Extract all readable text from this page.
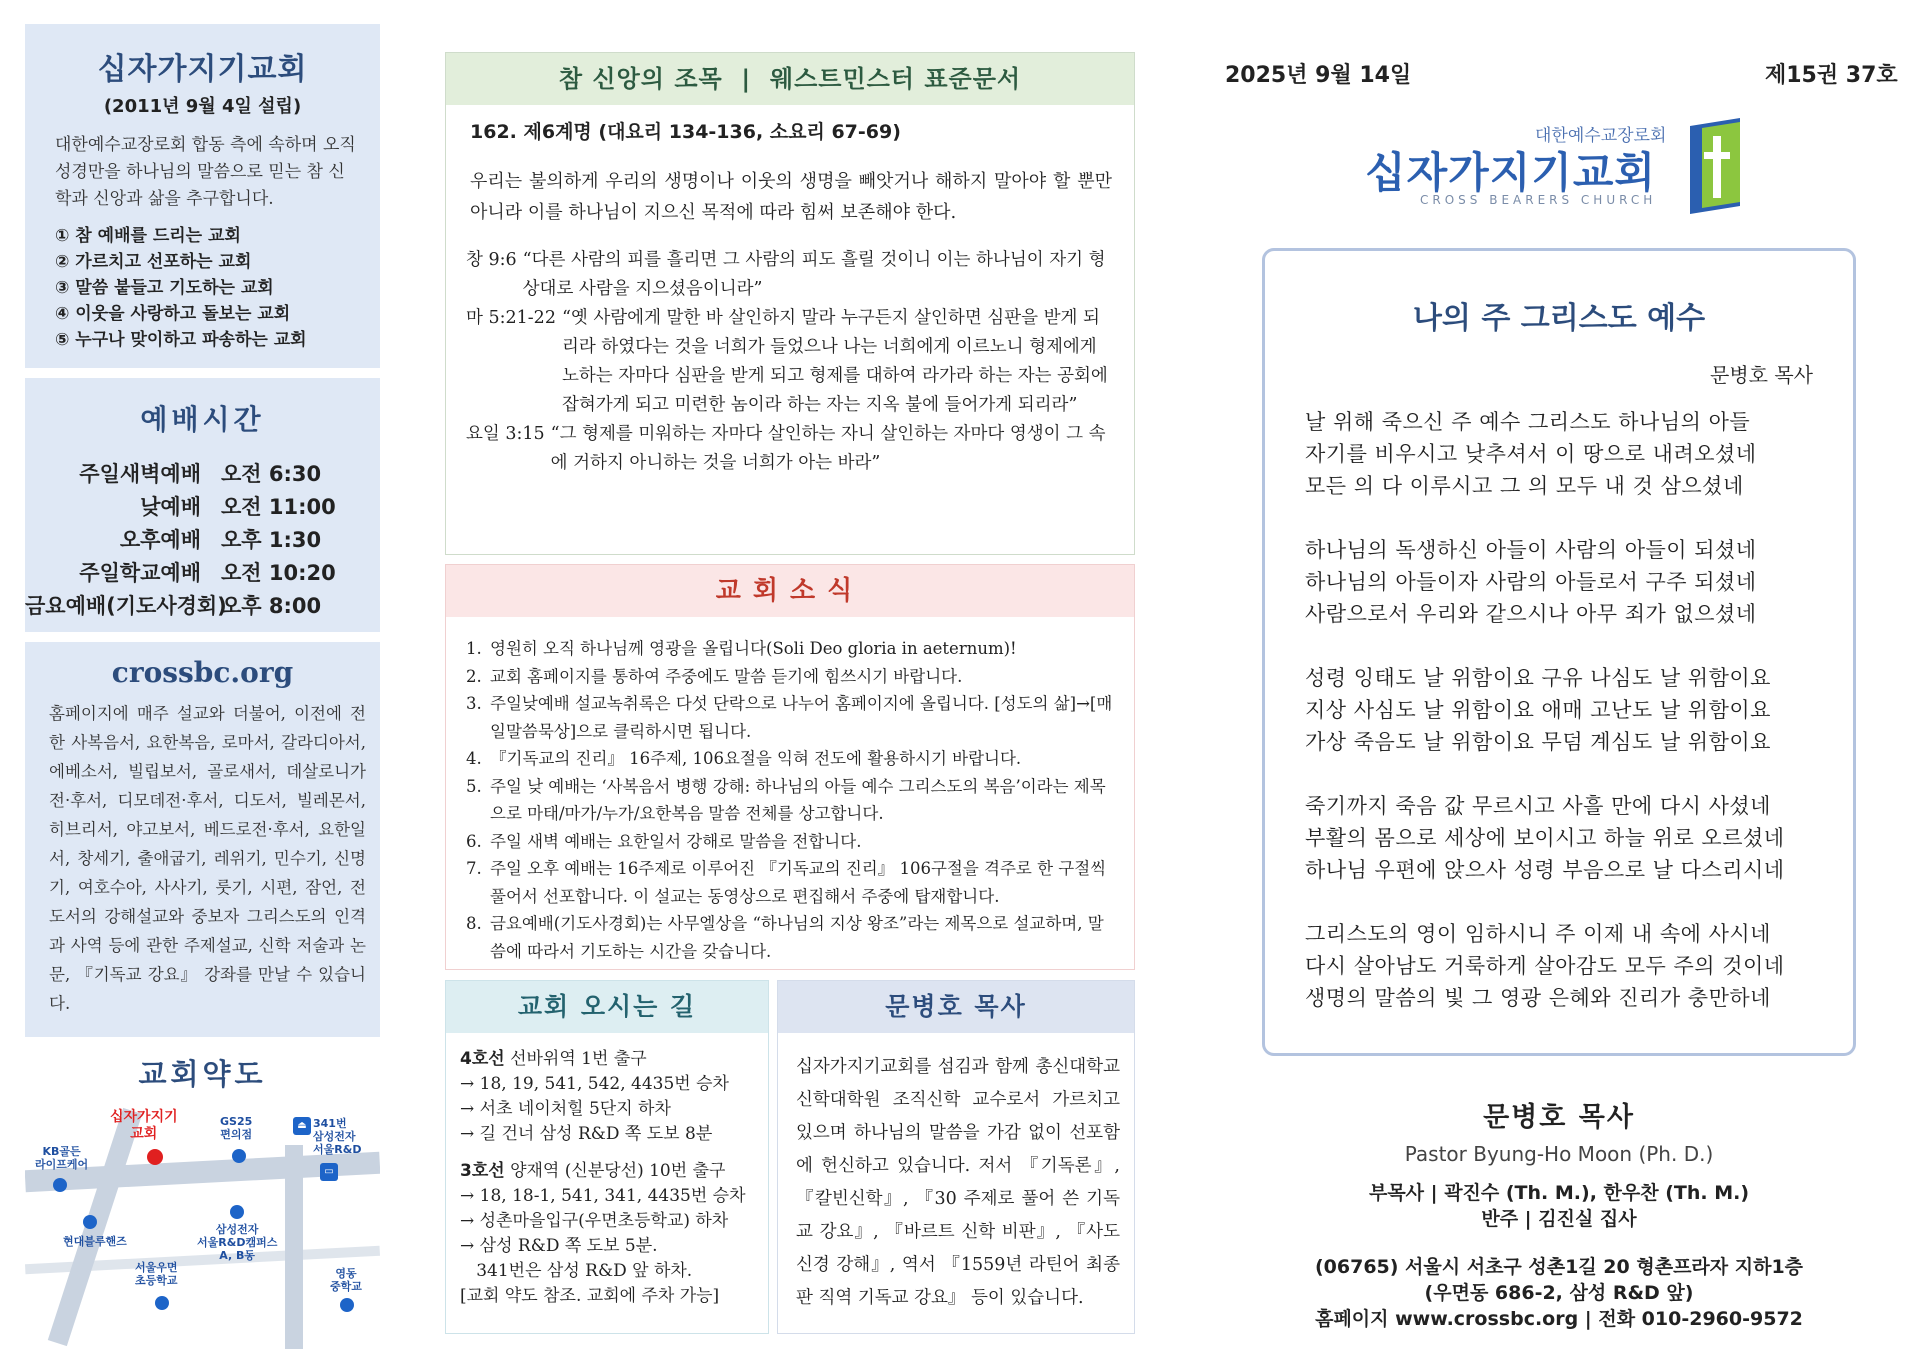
십자가지기교회
(2011년 9월 4일 설립)
대한예수교장로회 합동 측에 속하며 오직 성경만을 하나님의 말씀으로 믿는 참 신학과 신앙과 삶을 추구합니다.
① 참 예배를 드리는 교회
② 가르치고 선포하는 교회
③ 말씀 붙들고 기도하는 교회
④ 이웃을 사랑하고 돌보는 교회
⑤ 누구나 맞이하고 파송하는 교회
예배시간
주일새벽예배 오전 6:30
낮예배 오전 11:00
오후예배 오후 1:30
주일학교예배 오전 10:20
금요예배(기도사경회)
오후 8:00
crossbc.org
홈페이지에 매주 설교와 더불어, 이전에 전한 사복음서, 요한복음, 로마서, 갈라디아서, 에베소서, 빌립보서, 골로새서, 데살로니가전·후서, 디모데전·후서, 디도서, 빌레몬서, 히브리서, 야고보서, 베드로전·후서, 요한일서, 창세기, 출애굽기, 레위기, 민수기, 신명기, 여호수아, 사사기, 룻기, 시편, 잠언, 전도서의 강해설교와 중보자 그리스도의 인격과 사역 등에 관한 주제설교, 신학 저술과 논문, 『기독교 강요』 강좌를 만날 수 있습니다.
교회약도
십자가지기
교회
GS25
편의점
⏏ 341번
삼성전자
서울R&D
▭
KB골든
라이프케어
현대블루핸즈
삼성전자
서울R&D캠퍼스
A, B동
서울우면
초등학교
영동
중학교
참 신앙의 조목  |  웨스트민스터 표준문서
162. 제6계명 (대요리 134-136, 소요리 67-69)
우리는 불의하게 우리의 생명이나 이웃의 생명을 빼앗거나 해하지 말아야 할 뿐만 아니라 이를 하나님이 지으신 목적에 따라 힘써 보존해야 한다.
창 9:6 “다른 사람의 피를 흘리면 그 사람의 피도 흘릴 것이니 이는 하나님이 자기 형상대로 사람을 지으셨음이니라”
마 5:21-22 “옛 사람에게 말한 바 살인하지 말라 누구든지 살인하면 심판을 받게 되리라 하였다는 것을 너희가 들었으나 나는 너희에게 이르노니 형제에게 노하는 자마다 심판을 받게 되고 형제를 대하여 라가라 하는 자는 공회에 잡혀가게 되고 미련한 놈이라 하는 자는 지옥 불에 들어가게 되리라”
요일 3:15 “그 형제를 미워하는 자마다 살인하는 자니 살인하는 자마다 영생이 그 속에 거하지 아니하는 것을 너희가 아는 바라”
교회소식
1. 영원히 오직 하나님께 영광을 올립니다(Soli Deo gloria in aeternum)!
2. 교회 홈페이지를 통하여 주중에도 말씀 듣기에 힘쓰시기 바랍니다.
3. 주일낮예배 설교녹취록은 다섯 단락으로 나누어 홈페이지에 올립니다. [성도의 삶]→[매일말씀묵상]으로 클릭하시면 됩니다.
4. 『기독교의 진리』 16주제, 106요절을 익혀 전도에 활용하시기 바랍니다.
5. 주일 낮 예배는 ‘사복음서 병행 강해: 하나님의 아들 예수 그리스도의 복음’이라는 제목으로 마태/마가/누가/요한복음 말씀 전체를 상고합니다.
6. 주일 새벽 예배는 요한일서 강해로 말씀을 전합니다.
7. 주일 오후 예배는 16주제로 이루어진 『기독교의 진리』 106구절을 격주로 한 구절씩 풀어서 선포합니다. 이 설교는 동영상으로 편집해서 주중에 탑재합니다.
8. 금요예배(기도사경회)는 사무엘상을 “하나님의 지상 왕조”라는 제목으로 설교하며, 말씀에 따라서 기도하는 시간을 갖습니다.
교회 오시는 길
4호선 선바위역 1번 출구
→ 18, 19, 541, 542, 4435번 승차
→ 서초 네이처힐 5단지 하차
→ 길 건너 삼성 R&D 쪽 도보 8분
3호선 양재역 (신분당선) 10번 출구
→ 18, 18-1, 541, 341, 4435번 승차
→ 성촌마을입구(우면초등학교) 하차
→ 삼성 R&D 쪽 도보 5분.
341번은 삼성 R&D 앞 하차.
[교회 약도 참조. 교회에 주차 가능]
문병호 목사
십자가지기교회를 섬김과 함께 총신대학교 신학대학원 조직신학 교수로서 가르치고 있으며 하나님의 말씀을 가감 없이 선포함에 헌신하고 있습니다. 저서 『기독론』, 『칼빈신학』, 『30 주제로 풀어 쓴 기독교 강요』, 『바르트 신학 비판』, 『사도신경 강해』, 역서 『1559년 라틴어 최종판 직역 기독교 강요』 등이 있습니다.
2025년 9월 14일	제15권 37호
대한예수교장로회
십자가지기교회
CROSS BEARERS CHURCH
나의 주 그리스도 예수
문병호 목사
날 위해 죽으신 주 예수 그리스도 하나님의 아들
자기를 비우시고 낮추셔서 이 땅으로 내려오셨네
모든 의 다 이루시고 그 의 모두 내 것 삼으셨네
하나님의 독생하신 아들이 사람의 아들이 되셨네
하나님의 아들이자 사람의 아들로서 구주 되셨네
사람으로서 우리와 같으시나 아무 죄가 없으셨네
성령 잉태도 날 위함이요 구유 나심도 날 위함이요
지상 사심도 날 위함이요 애매 고난도 날 위함이요
가상 죽음도 날 위함이요 무덤 계심도 날 위함이요
죽기까지 죽음 값 무르시고 사흘 만에 다시 사셨네
부활의 몸으로 세상에 보이시고 하늘 위로 오르셨네
하나님 우편에 앉으사 성령 부음으로 날 다스리시네
그리스도의 영이 임하시니 주 이제 내 속에 사시네
다시 살아남도 거룩하게 살아감도 모두 주의 것이네
생명의 말씀의 빛 그 영광 은혜와 진리가 충만하네
문병호 목사
Pastor Byung-Ho Moon (Ph. D.)
부목사 | 곽진수 (Th. M.), 한우찬 (Th. M.)
반주 | 김진실 집사
(06765) 서울시 서초구 성촌1길 20 형촌프라자 지하1층
(우면동 686-2, 삼성 R&D 앞)
홈페이지 www.crossbc.org | 전화 010-2960-9572
